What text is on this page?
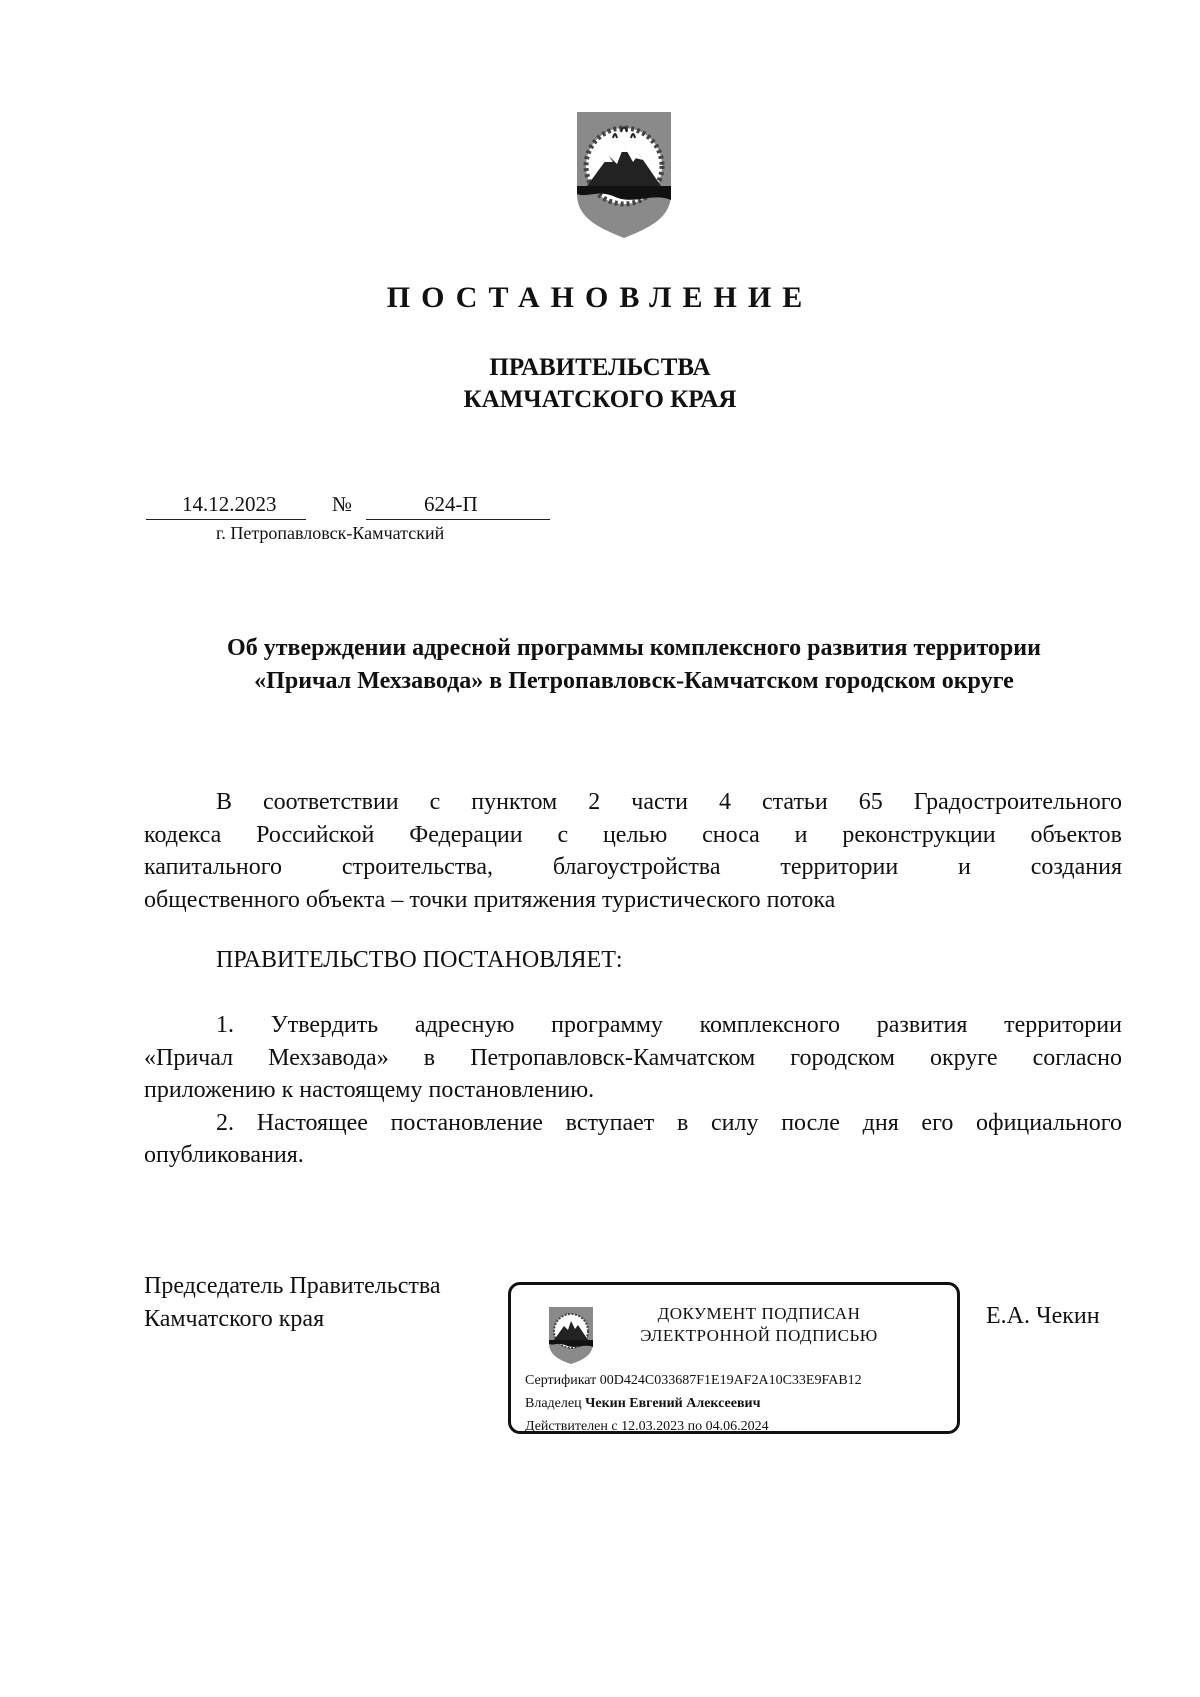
ПОСТАНОВЛЕНИЕ
ПРАВИТЕЛЬСТВА
КАМЧАТСКОГО КРАЯ
14.12.2023	№	624-П
г. Петропавловск-Камчатский
Об утверждении адресной программы комплексного развития территории
«Причал Мехзавода» в Петропавловск-Камчатском городском округе
В соответствии с пунктом 2 части 4 статьи 65 Градостроительного
кодекса Российской Федерации с целью сноса и реконструкции объектов
капитального строительства, благоустройства территории и создания
общественного объекта – точки притяжения туристического потока
ПРАВИТЕЛЬСТВО ПОСТАНОВЛЯЕТ:
1. Утвердить адресную программу комплексного развития территории
«Причал Мехзавода» в Петропавловск-Камчатском городском округе согласно
приложению к настоящему постановлению.
2. Настоящее постановление вступает в силу после дня его официального
опубликования.
Председатель Правительства
Камчатского края	ДОКУМЕНТ ПОДПИСАН
ЭЛЕКТРОННОЙ ПОДПИСЬЮ
Сертификат 00D424C033687F1E19AF2A10C33E9FAB12
Владелец Чекин Евгений Алексеевич
Действителен с 12.03.2023 по 04.06.2024
Е.А. Чекин
